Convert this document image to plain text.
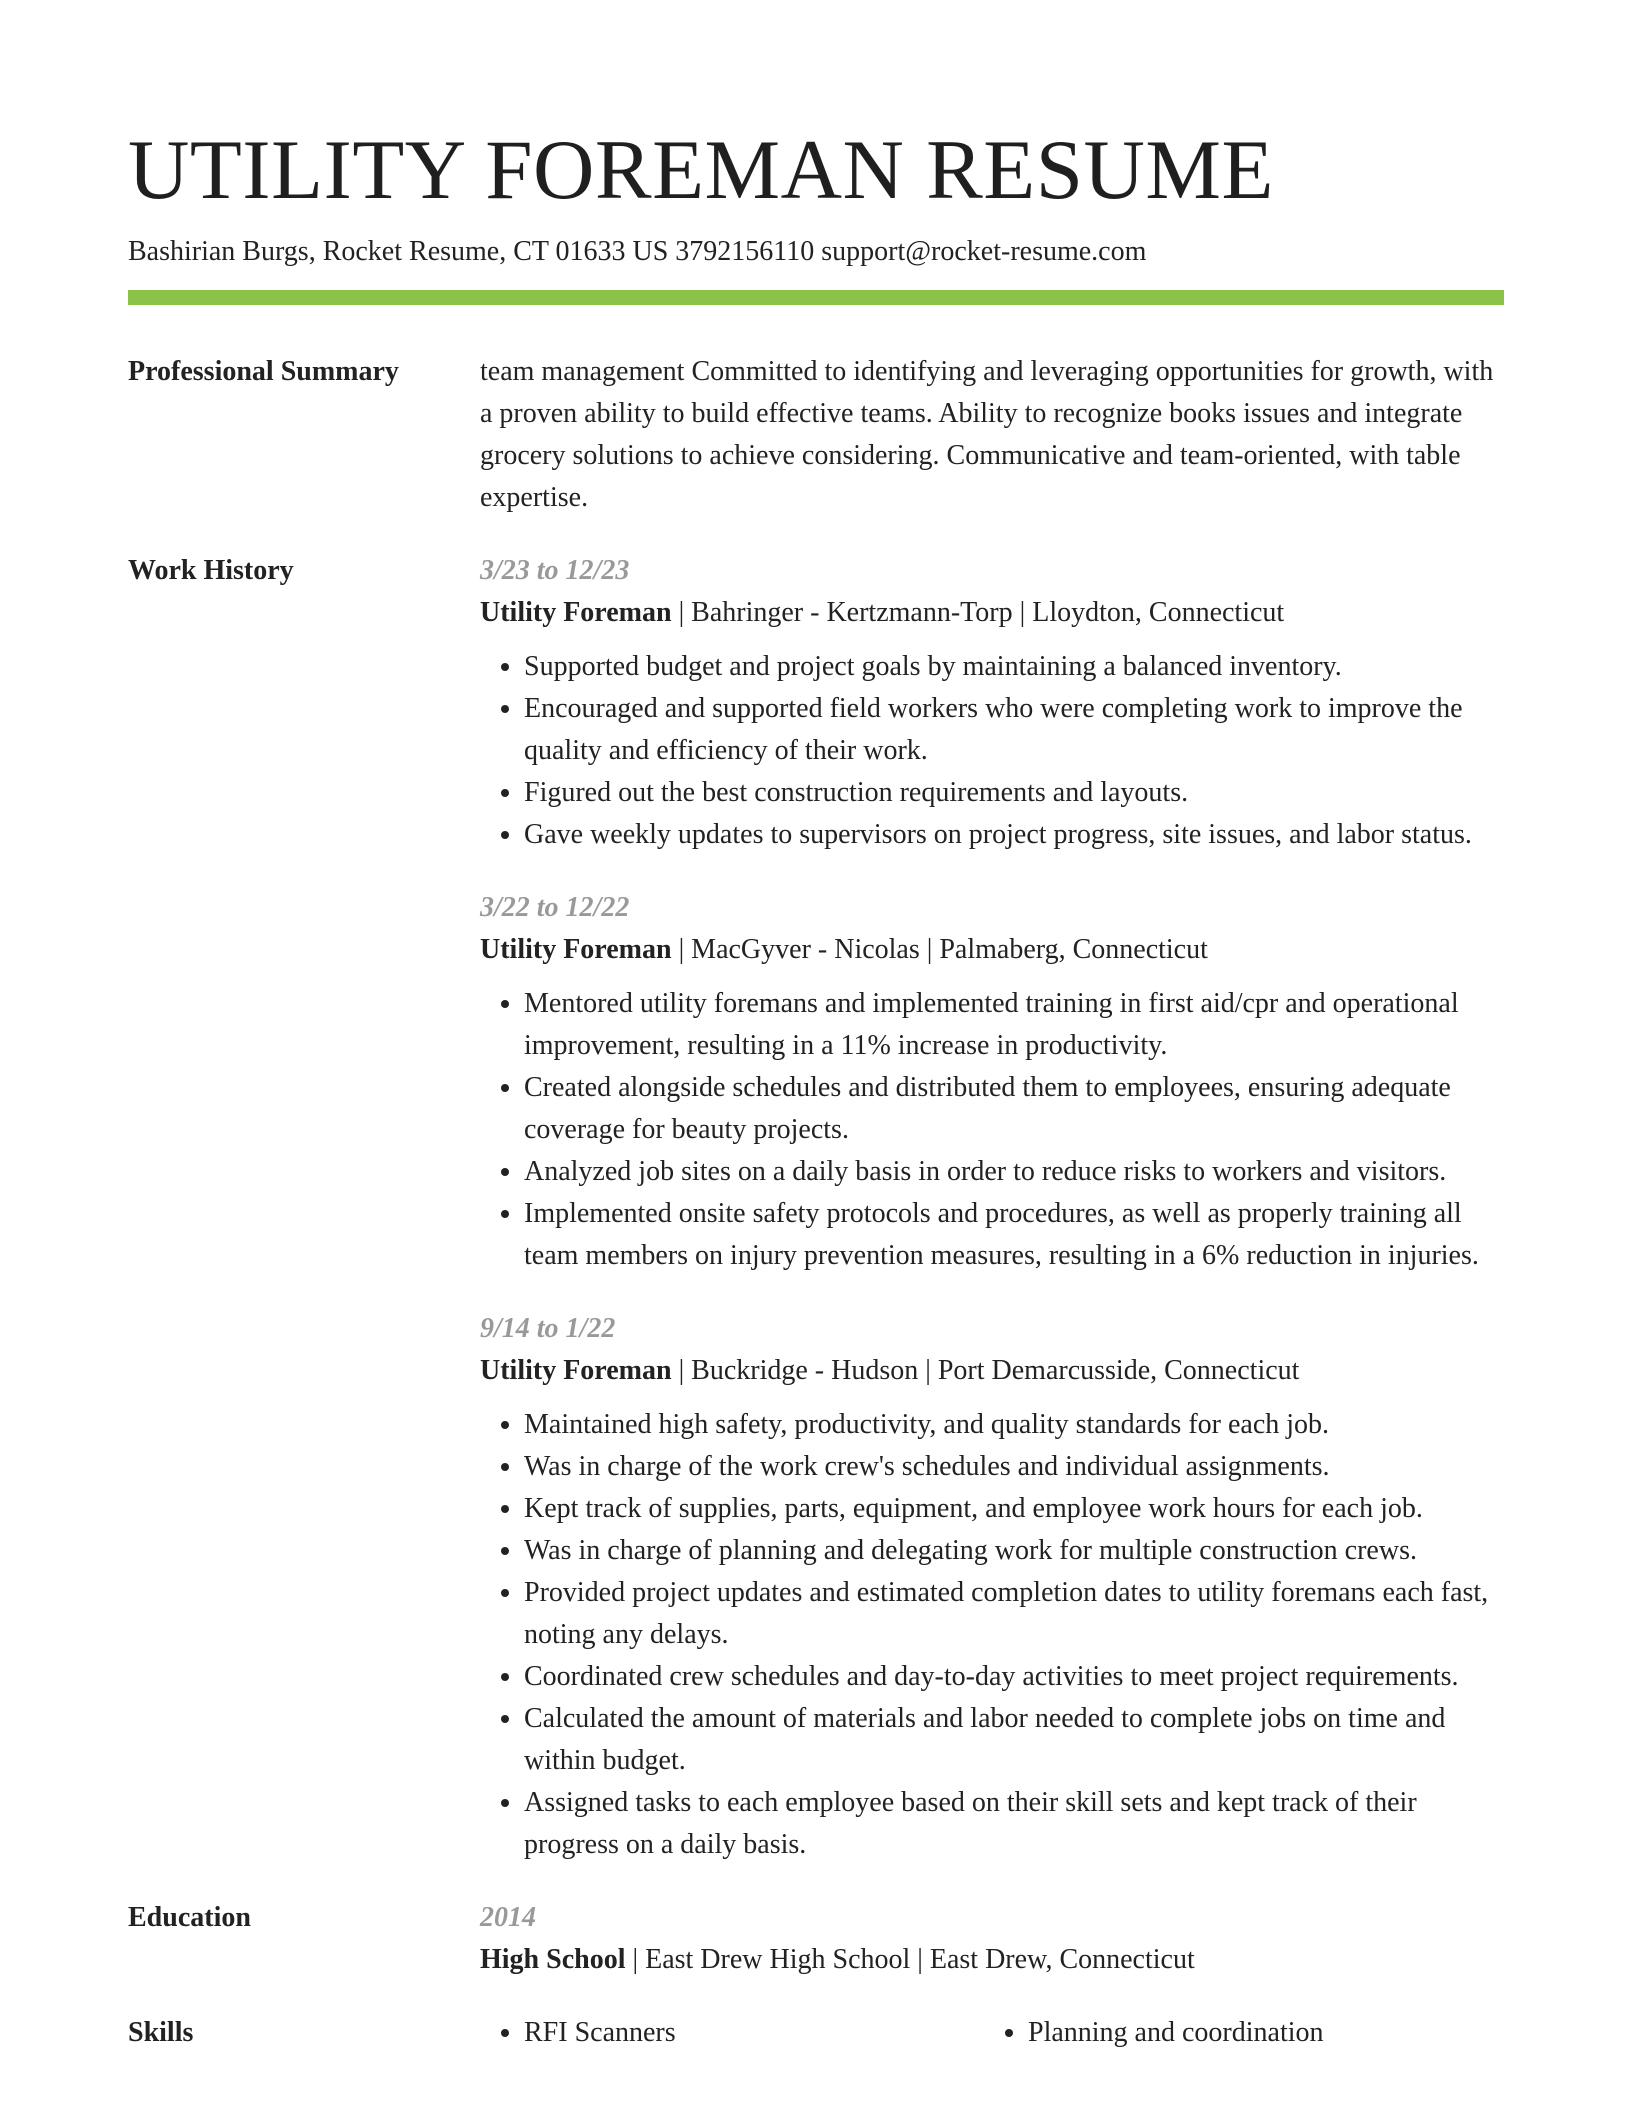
UTILITY FOREMAN RESUME
Bashirian Burgs, Rocket Resume, CT 01633 US 3792156110 support@rocket-resume.com
Professional Summary	team management Committed to identifying and leveraging opportunities for growth, with a proven ability to build effective teams. Ability to recognize books issues and integrate grocery solutions to achieve considering. Communicative and team-oriented, with table expertise.
Work History	3/23 to 12/23
Utility Foreman | Bahringer - Kertzmann-Torp | Lloydton, Connecticut
• Supported budget and project goals by maintaining a balanced inventory.
• Encouraged and supported field workers who were completing work to improve the quality and efficiency of their work.
• Figured out the best construction requirements and layouts.
• Gave weekly updates to supervisors on project progress, site issues, and labor status.
3/22 to 12/22
Utility Foreman | MacGyver - Nicolas | Palmaberg, Connecticut
• Mentored utility foremans and implemented training in first aid/cpr and operational improvement, resulting in a 11% increase in productivity.
• Created alongside schedules and distributed them to employees, ensuring adequate coverage for beauty projects.
• Analyzed job sites on a daily basis in order to reduce risks to workers and visitors.
• Implemented onsite safety protocols and procedures, as well as properly training all team members on injury prevention measures, resulting in a 6% reduction in injuries.
9/14 to 1/22
Utility Foreman | Buckridge - Hudson | Port Demarcusside, Connecticut
• Maintained high safety, productivity, and quality standards for each job.
• Was in charge of the work crew's schedules and individual assignments.
• Kept track of supplies, parts, equipment, and employee work hours for each job.
• Was in charge of planning and delegating work for multiple construction crews.
• Provided project updates and estimated completion dates to utility foremans each fast, noting any delays.
• Coordinated crew schedules and day-to-day activities to meet project requirements.
• Calculated the amount of materials and labor needed to complete jobs on time and within budget.
• Assigned tasks to each employee based on their skill sets and kept track of their progress on a daily basis.
Education	2014
High School | East Drew High School | East Drew, Connecticut
Skills	• RFI Scanners	• Planning and coordination
